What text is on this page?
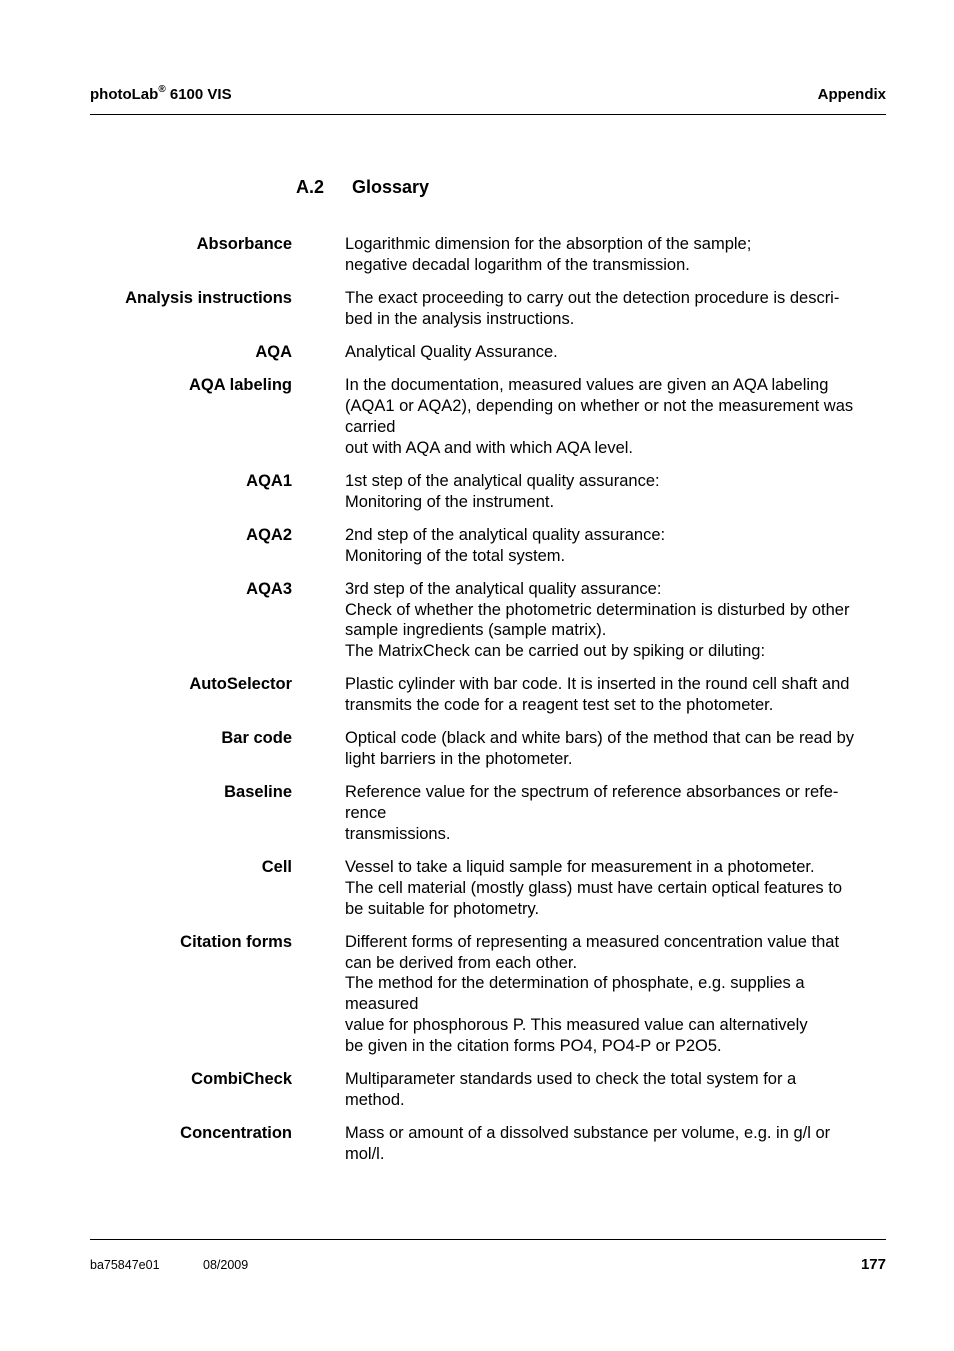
photoLab® 6100 VIS	Appendix
A.2 Glossary
Absorbance	Logarithmic dimension for the absorption of the sample;
negative decadal logarithm of the transmission.
Analysis instructions	The exact proceeding to carry out the detection procedure is descri-
bed in the analysis instructions.
AQA	Analytical Quality Assurance.
AQA labeling	In the documentation, measured values are given an AQA labeling
(AQA1 or AQA2), depending on whether or not the measurement was
carried
out with AQA and with which AQA level.
AQA1	1st step of the analytical quality assurance:
Monitoring of the instrument.
AQA2	2nd step of the analytical quality assurance:
Monitoring of the total system.
AQA3	3rd step of the analytical quality assurance:
Check of whether the photometric determination is disturbed by other
sample ingredients (sample matrix).
The MatrixCheck can be carried out by spiking or diluting:
AutoSelector	Plastic cylinder with bar code. It is inserted in the round cell shaft and
transmits the code for a reagent test set to the photometer.
Bar code	Optical code (black and white bars) of the method that can be read by
light barriers in the photometer.
Baseline	Reference value for the spectrum of reference absorbances or refe-
rence
transmissions.
Cell	Vessel to take a liquid sample for measurement in a photometer.
The cell material (mostly glass) must have certain optical features to
be suitable for photometry.
Citation forms	Different forms of representing a measured concentration value that
can be derived from each other.
The method for the determination of phosphate, e.g. supplies a
measured
value for phosphorous P. This measured value can alternatively
be given in the citation forms PO4, PO4-P or P2O5.
CombiCheck	Multiparameter standards used to check the total system for a
method.
Concentration	Mass or amount of a dissolved substance per volume, e.g. in g/l or
mol/l.
ba75847e01	08/2009	177
